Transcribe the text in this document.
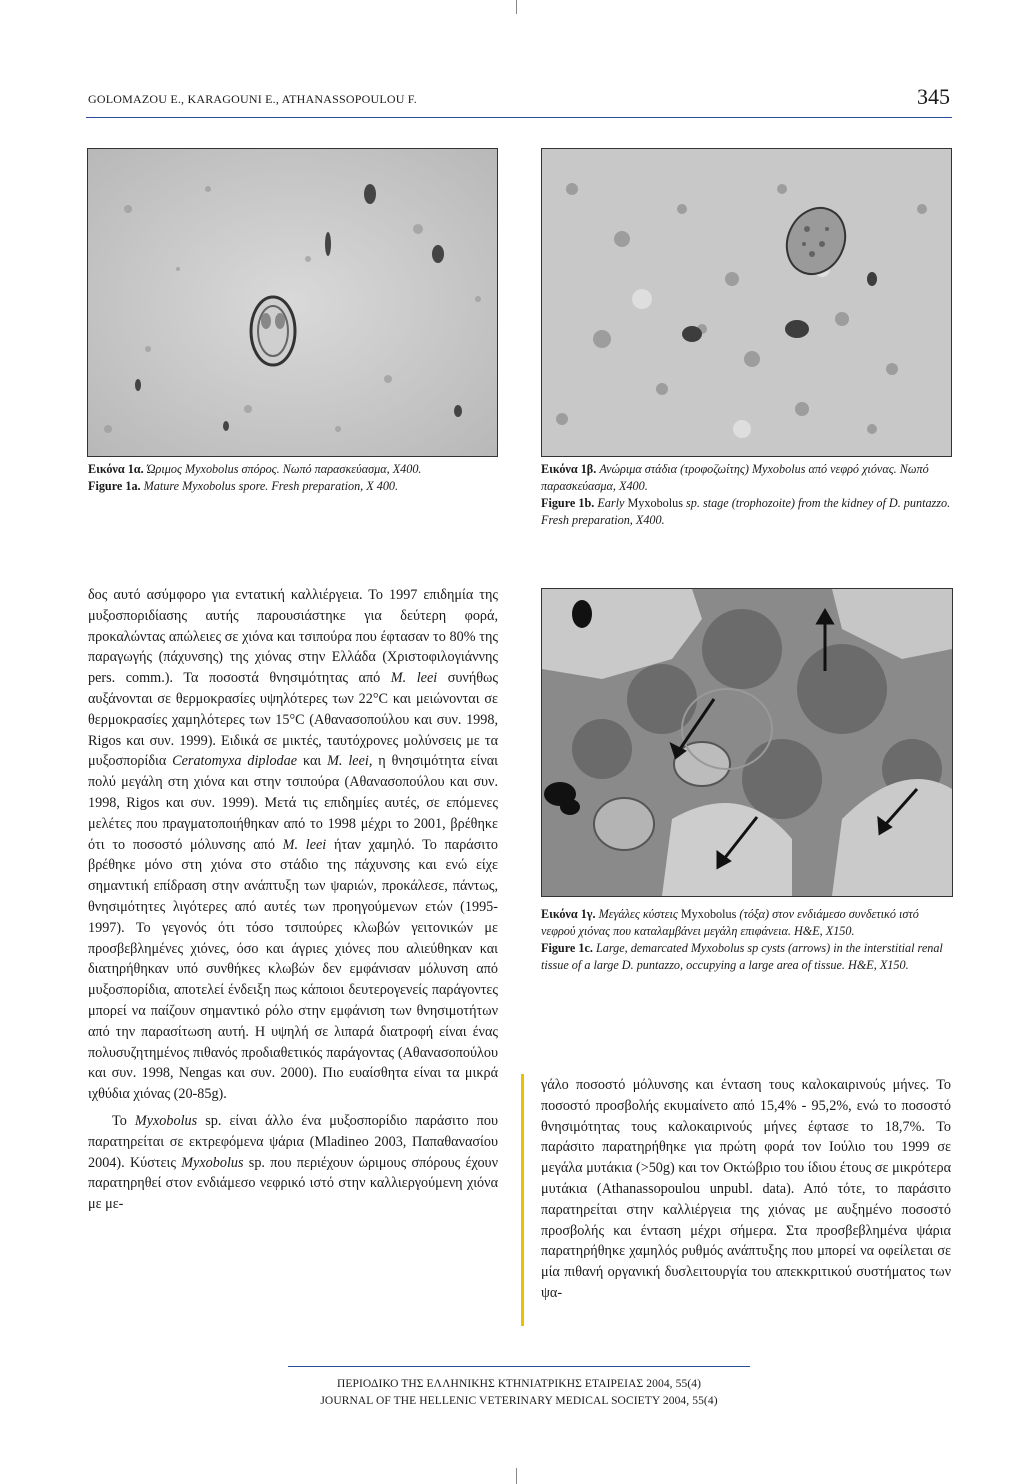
GOLOMAZOU E., KARAGOUNI E., ATHANASSOPOULOU F.	345

Εικόνα 1α. Ώριμος Myxobolus σπόρος. Νωπό παρασκεύασμα, Χ400.

Figure 1a. Mature Myxobolus spore. Fresh preparation, X 400.

Εικόνα 1β. Ανώριμα στάδια (τροφοζωίτης) Myxobolus από νεφρό χιόνας. Νωπό παρασκεύασμα, Χ400.

Figure 1b. Early Myxobolus sp. stage (trophozoite) from the kidney of D. puntazzo. Fresh preparation, X400.

δος αυτό ασύμφορο για εντατική καλλιέργεια. Το 1997 επιδημία της μυξοσποριδίασης αυτής παρουσιάστηκε για δεύτερη φορά, προκαλώντας απώλειες σε χιόνα και τσιπούρα που έφτασαν το 80% της παραγωγής (πάχυνσης) της χιόνας στην Ελλάδα (Χριστοφιλογιάννης pers. comm.). Τα ποσοστά θνησιμότητας από M. leei συνήθως αυξάνονται σε θερμοκρασίες υψηλότερες των 22°C και μειώνονται σε θερμοκρασίες χαμηλότερες των 15°C (Αθανασοπούλου και συν. 1998, Rigos και συν. 1999). Ειδικά σε μικτές, ταυτόχρονες μολύνσεις με τα μυξοσπορίδια Ceratomyxa diplodae και M. leei, η θνησιμότητα είναι πολύ μεγάλη στη χιόνα και στην τσιπούρα (Αθανασοπούλου και συν. 1998, Rigos και συν. 1999). Μετά τις επιδημίες αυτές, σε επόμενες μελέτες που πραγματοποιήθηκαν από το 1998 μέχρι το 2001, βρέθηκε ότι το ποσοστό μόλυνσης από M. leei ήταν χαμηλό. Το παράσιτο βρέθηκε μόνο στη χιόνα στο στάδιο της πάχυνσης και ενώ είχε σημαντική επίδραση στην ανάπτυξη των ψαριών, προκάλεσε, πάντως, θνησιμότητες λιγότερες από αυτές των προηγούμενων ετών (1995-1997). Το γεγονός ότι τόσο τσιπούρες κλωβών γειτονικών με προσβεβλημένες χιόνες, όσο και άγριες χιόνες που αλιεύθηκαν και διατηρήθηκαν υπό συνθήκες κλωβών δεν εμφάνισαν μόλυνση από μυξοσπορίδια, αποτελεί ένδειξη πως κάποιοι δευτερογενείς παράγοντες μπορεί να παίζουν σημαντικό ρόλο στην εμφάνιση των θνησιμοτήτων από την παρασίτωση αυτή. Η υψηλή σε λιπαρά διατροφή είναι ένας πολυσυζητημένος πιθανός προδιαθετικός παράγοντας (Αθανασοπούλου και συν. 1998, Nengas και συν. 2000). Πιο ευαίσθητα είναι τα μικρά ιχθύδια χιόνας (20-85g).

Το Myxobolus sp. είναι άλλο ένα μυξοσπορίδιο παράσιτο που παρατηρείται σε εκτρεφόμενα ψάρια (Mladineo 2003, Παπαθανασίου 2004). Κύστεις Myxobolus sp. που περιέχουν ώριμους σπόρους έχουν παρατηρηθεί στον ενδιάμεσο νεφρικό ιστό στην καλλιεργούμενη χιόνα με με-

Εικόνα 1γ. Μεγάλες κύστεις Myxobolus (τόξα) στον ενδιάμεσο συνδετικό ιστό νεφρού χιόνας που καταλαμβάνει μεγάλη επιφάνεια. H&E, X150.

Figure 1c. Large, demarcated Myxobolus sp cysts (arrows) in the interstitial renal tissue of a large D. puntazzo, occupying a large area of tissue. H&E, X150.

γάλο ποσοστό μόλυνσης και ένταση τους καλοκαιρινούς μήνες. Το ποσοστό προσβολής εκυμαίνετο από 15,4% - 95,2%, ενώ το ποσοστό θνησιμότητας τους καλοκαιρινούς μήνες έφτασε το 18,7%. Το παράσιτο παρατηρήθηκε για πρώτη φορά τον Ιούλιο του 1999 σε μεγάλα μυτάκια (>50g) και τον Οκτώβριο του ίδιου έτους σε μικρότερα μυτάκια (Athanassopoulou unpubl. data). Από τότε, το παράσιτο παρατηρείται στην καλλιέργεια της χιόνας με αυξημένο ποσοστό προσβολής και ένταση μέχρι σήμερα. Στα προσβεβλημένα ψάρια παρατηρήθηκε χαμηλός ρυθμός ανάπτυξης που μπορεί να οφείλεται σε μία πιθανή οργανική δυσλειτουργία του απεκκριτικού συστήματος των ψα-

ΠΕΡΙΟΔΙΚΟ ΤΗΣ ΕΛΛΗΝΙΚΗΣ ΚΤΗΝΙΑΤΡΙΚΗΣ ΕΤΑΙΡΕΙΑΣ 2004, 55(4)
JOURNAL OF THE HELLENIC VETERINARY MEDICAL SOCIETY 2004, 55(4)
